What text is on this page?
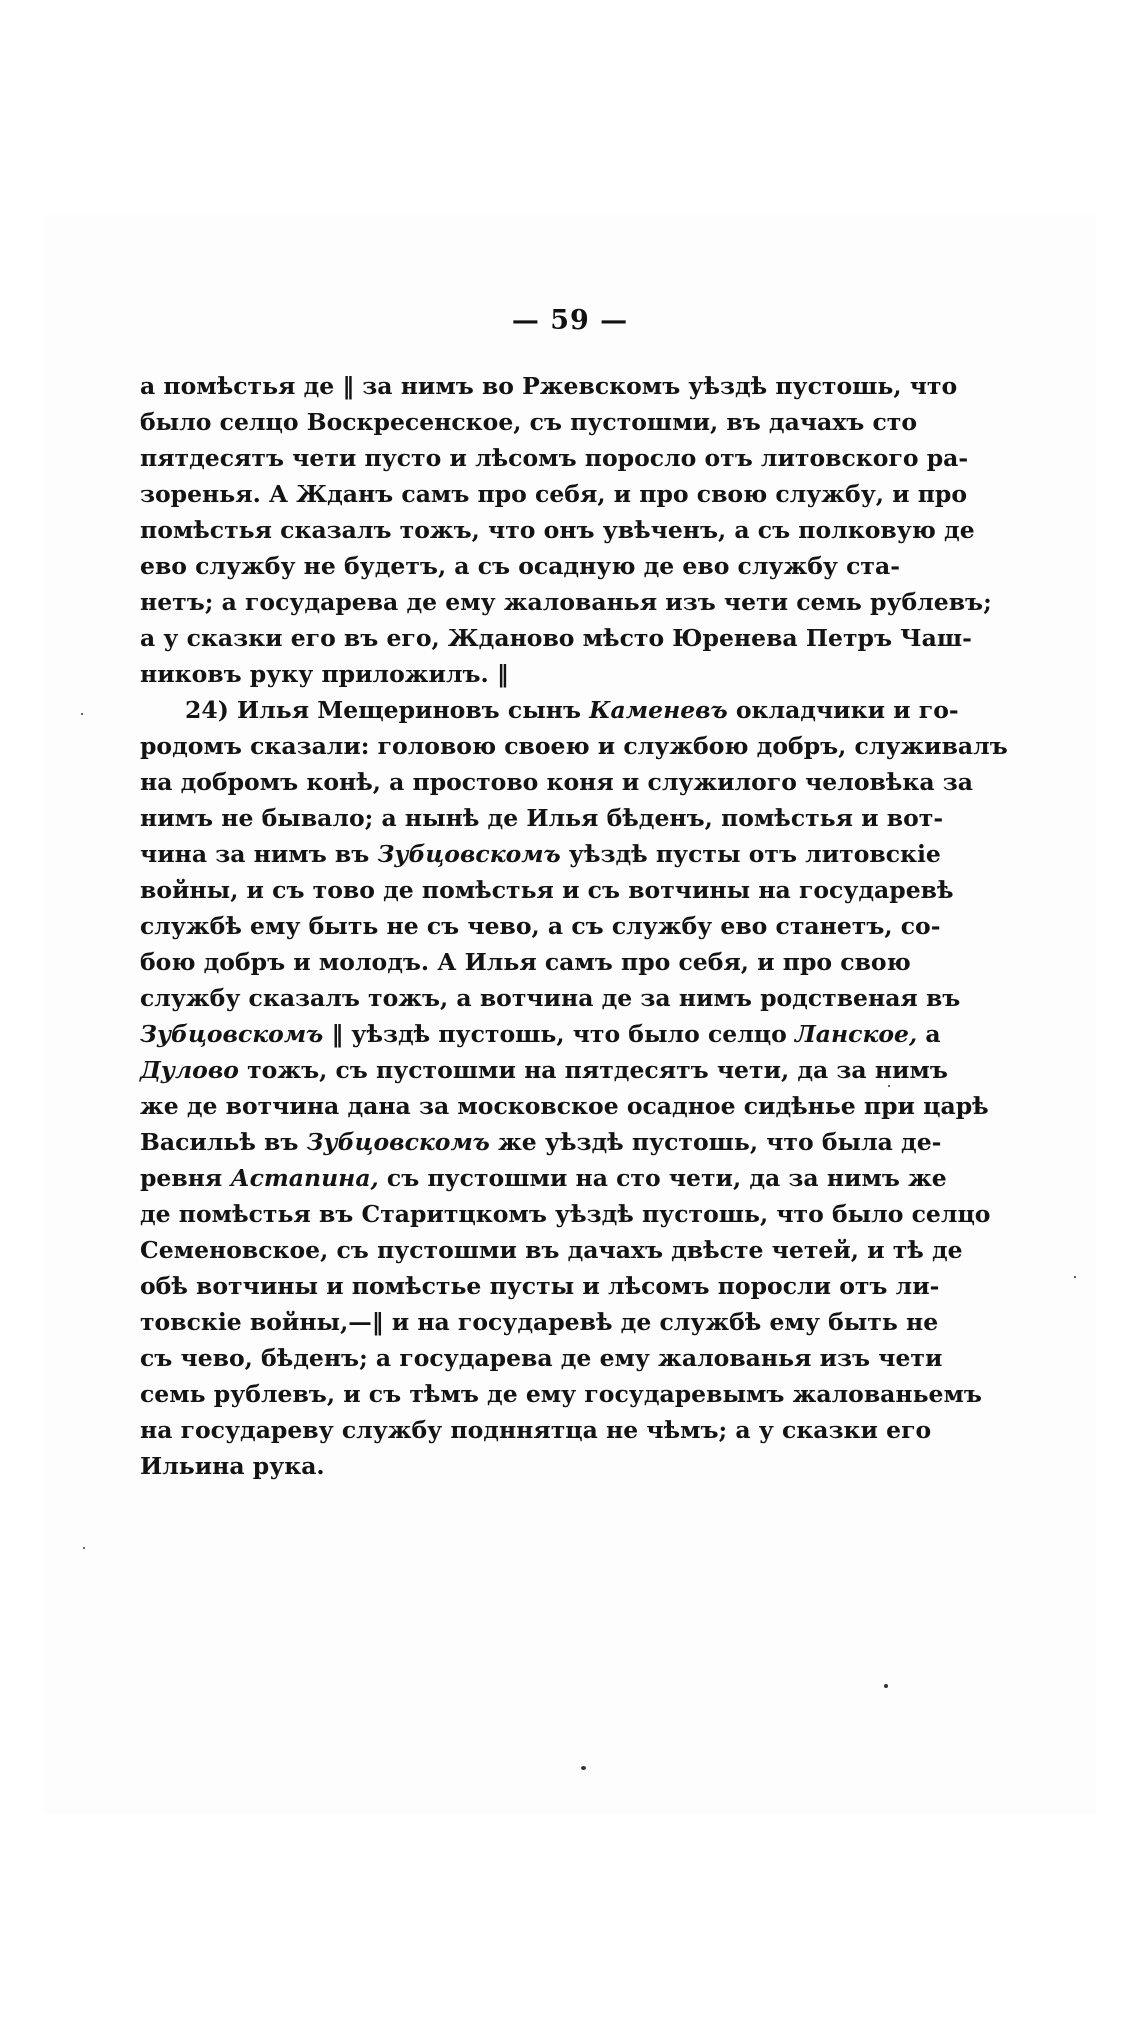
— 59 —
а помѣстья де ‖ за нимъ во Ржевскомъ уѣздѣ пустошь, что
было селцо Воскресенское, съ пустошми, въ дачахъ сто
пятдесятъ чети пусто и лѣсомъ поросло отъ литовского ра-
зоренья. А Жданъ самъ про себя, и про свою службу, и про
помѣстья сказалъ тожъ, что онъ увѣченъ, а съ полковую де
ево службу не будетъ, а съ осадную де ево службу ста-
нетъ; а государева де ему жалованья изъ чети семь рублевъ;
а у сказки его въ его, Жданово мѣсто Юренева Петръ Чаш-
никовъ руку приложилъ. ‖
24) Илья Мещериновъ сынъ Каменевъ окладчики и го-
родомъ сказали: головою своею и службою добръ, служивалъ
на добромъ конѣ, а простово коня и служилого человѣка за
нимъ не бывало; а нынѣ де Илья бѣденъ, помѣстья и вот-
чина за нимъ въ Зубцовскомъ уѣздѣ пусты отъ литовскiе
войны, и съ тово де помѣстья и съ вотчины на государевѣ
службѣ ему быть не съ чево, а съ службу ево станетъ, со-
бою добръ и молодъ. А Илья самъ про себя, и про свою
службу сказалъ тожъ, а вотчина де за нимъ родственая въ
Зубцовскомъ ‖ уѣздѣ пустошь, что было селцо Ланское, а
Дулово тожъ, съ пустошми на пятдесятъ чети, да за нимъ
же де вотчина дана за московское осадное сидѣнье при царѣ
Васильѣ въ Зубцовскомъ же уѣздѣ пустошь, что была де-
ревня Астапина, съ пустошми на сто чети, да за нимъ же
де помѣстья въ Старитцкомъ уѣздѣ пустошь, что было селцо
Семеновское, съ пустошми въ дачахъ двѣсте четей, и тѣ де
обѣ вотчины и помѣстье пусты и лѣсомъ поросли отъ ли-
товскiе войны,—‖ и на государевѣ де службѣ ему быть не
съ чево, бѣденъ; а государева де ему жалованья изъ чети
семь рублевъ, и съ тѣмъ де ему государевымъ жалованьемъ
на государеву службу подннятца не чѣмъ; а у сказки его
Ильина рука.
